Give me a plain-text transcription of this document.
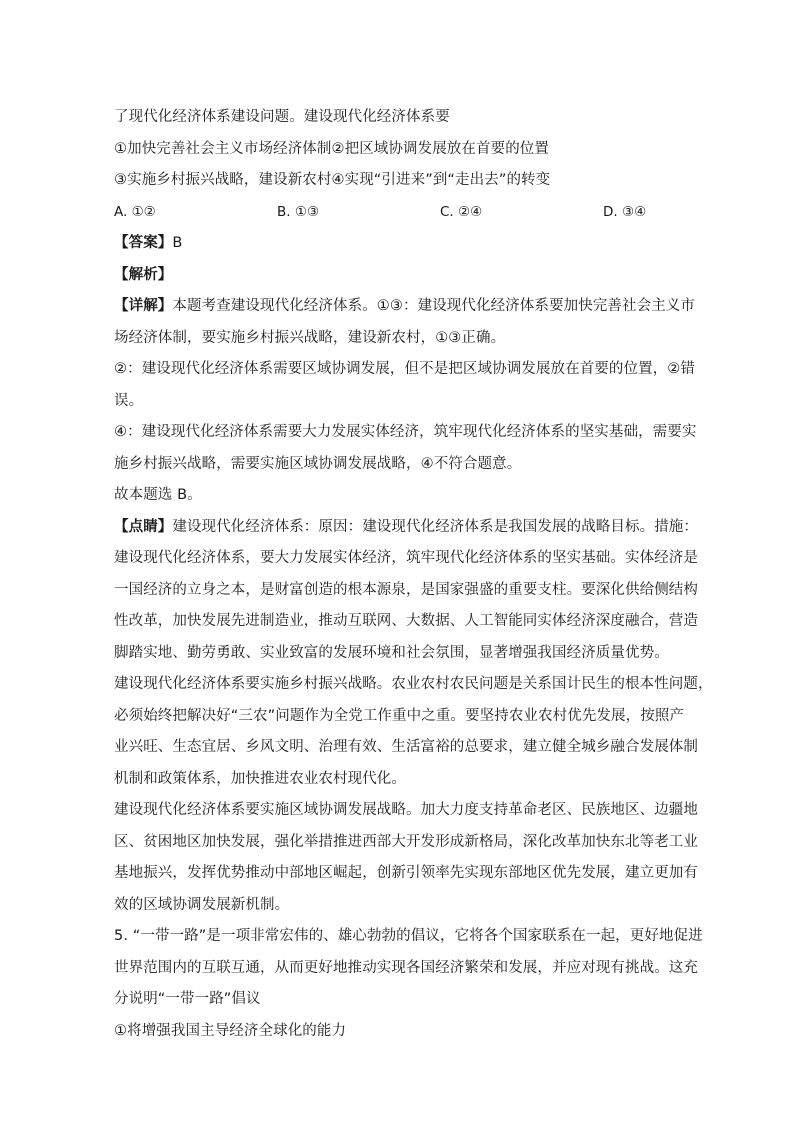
了现代化经济体系建设问题。建设现代化经济体系要
①加快完善社会主义市场经济体制②把区域协调发展放在首要的位置
③实施乡村振兴战略，建设新农村④实现“引进来”到“走出去”的转变
A. ①②	B. ①③	C. ②④	D. ③④
【答案】B
【解析】
【详解】本题考查建设现代化经济体系。①③：建设现代化经济体系要加快完善社会主义市
场经济体制，要实施乡村振兴战略，建设新农村，①③正确。
②：建设现代化经济体系需要区域协调发展，但不是把区域协调发展放在首要的位置，②错
误。
④：建设现代化经济体系需要大力发展实体经济，筑牢现代化经济体系的坚实基础，需要实
施乡村振兴战略，需要实施区域协调发展战略，④不符合题意。
故本题选 B。
【点睛】建设现代化经济体系：原因：建设现代化经济体系是我国发展的战略目标。措施：
建设现代化经济体系，要大力发展实体经济，筑牢现代化经济体系的坚实基础。实体经济是
一国经济的立身之本，是财富创造的根本源泉，是国家强盛的重要支柱。要深化供给侧结构
性改革，加快发展先进制造业，推动互联网、大数据、人工智能同实体经济深度融合，营造
脚踏实地、勤劳勇敢、实业致富的发展环境和社会氛围，显著增强我国经济质量优势。
建设现代化经济体系要实施乡村振兴战略。农业农村农民问题是关系国计民生的根本性问题，
必须始终把解决好“三农”问题作为全党工作重中之重。要坚持农业农村优先发展，按照产
业兴旺、生态宜居、乡风文明、治理有效、生活富裕的总要求，建立健全城乡融合发展体制
机制和政策体系，加快推进农业农村现代化。
建设现代化经济体系要实施区域协调发展战略。加大力度支持革命老区、民族地区、边疆地
区、贫困地区加快发展，强化举措推进西部大开发形成新格局，深化改革加快东北等老工业
基地振兴，发挥优势推动中部地区崛起，创新引领率先实现东部地区优先发展，建立更加有
效的区域协调发展新机制。
5. “一带一路”是一项非常宏伟的、雄心勃勃的倡议，它将各个国家联系在一起，更好地促进
世界范围内的互联互通，从而更好地推动实现各国经济繁荣和发展，并应对现有挑战。这充
分说明“一带一路”倡议
①将增强我国主导经济全球化的能力
